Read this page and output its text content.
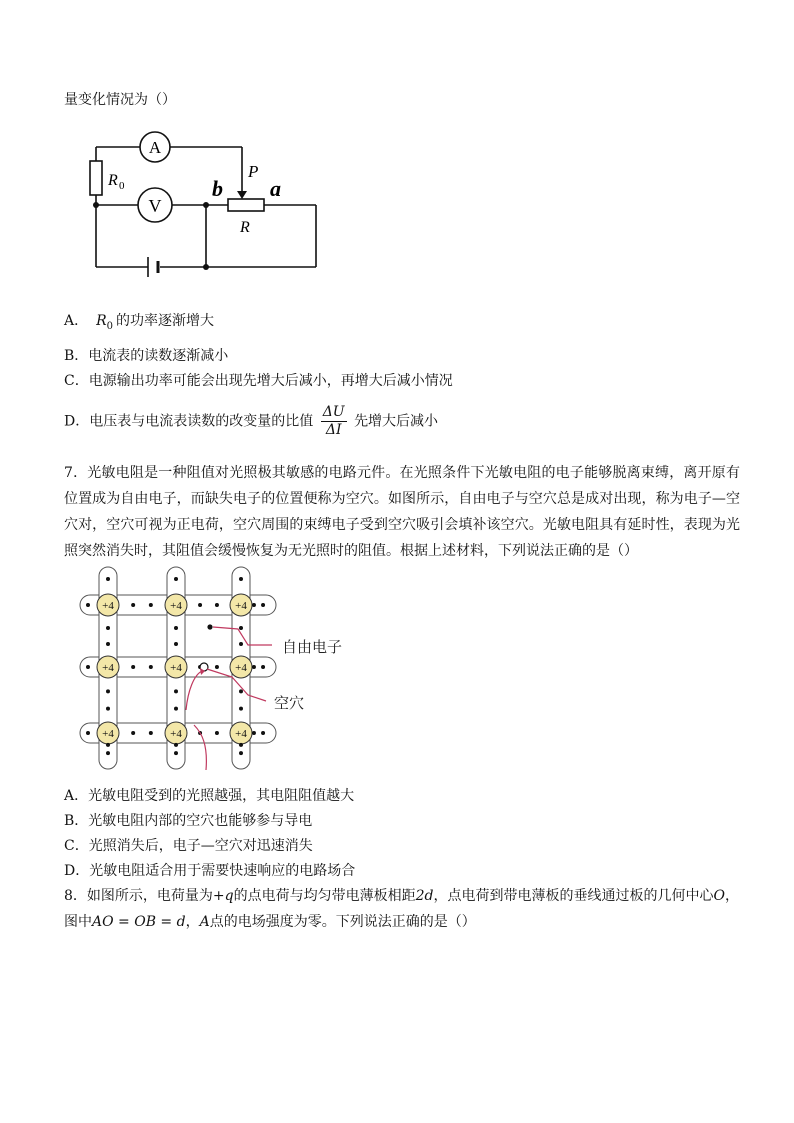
量变化情况为（）
A
V
R 0	b
P
a
R
A． $R_0$ 的功率逐渐增大
B．电流表的读数逐渐减小
C．电源输出功率可能会出现先增大后减小，再增大后减小情况
D．电压表与电流表读数的改变量的比值 $\frac{\Delta U}{\Delta I}$ 先增大后减小
7．光敏电阻是一种阻值对光照极其敏感的电路元件。在光照条件下光敏电阻的电子能够脱离束缚，离开原有位置成为自由电子，而缺失电子的位置便称为空穴。如图所示，自由电子与空穴总是成对出现，称为电子—空穴对，空穴可视为正电荷，空穴周围的束缚电子受到空穴吸引会填补该空穴。光敏电阻具有延时性，表现为光照突然消失时，其阻值会缓慢恢复为无光照时的阻值。根据上述材料，下列说法正确的是（）
+4
+4
+4
+4
+4
+4
+4
+4
+4
自由电子
空穴
A．光敏电阻受到的光照越强，其电阻阻值越大
B．光敏电阻内部的空穴也能够参与导电
C．光照消失后，电子—空穴对迅速消失
D．光敏电阻适合用于需要快速响应的电路场合
8．如图所示，电荷量为+q的点电荷与均匀带电薄板相距2d，点电荷到带电薄板的垂线通过板的几何中心O，
图中AO = OB = d，A点的电场强度为零。下列说法正确的是（）
